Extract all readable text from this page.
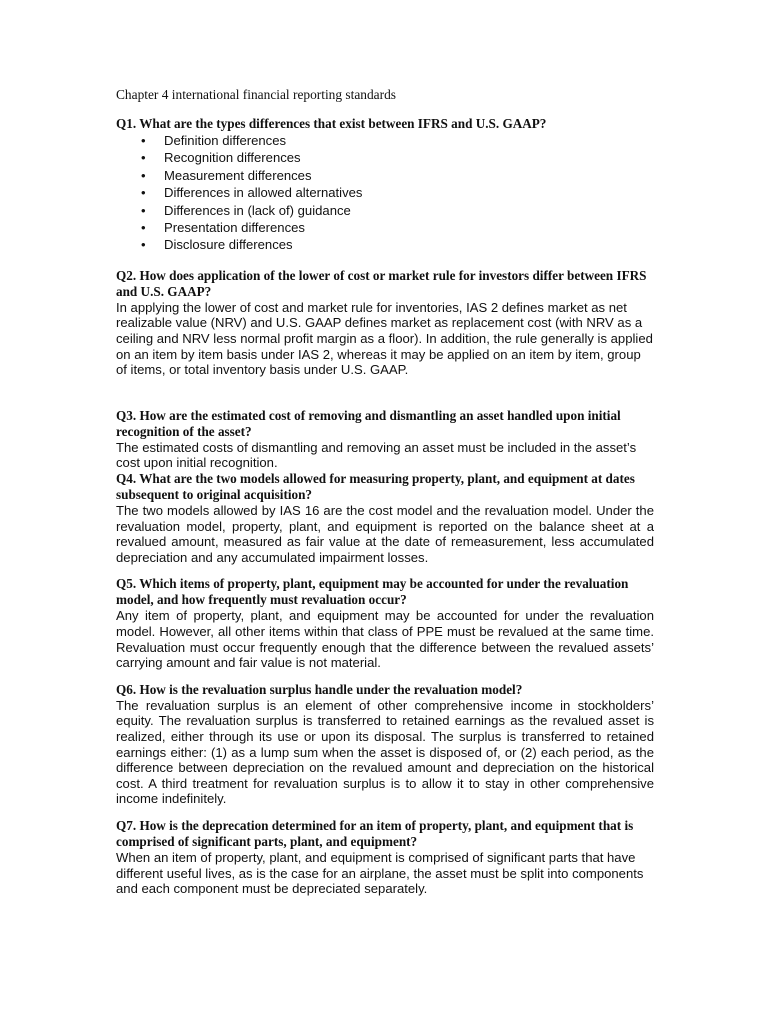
Chapter 4 international financial reporting standards

Q1. What are the types differences that exist between IFRS and U.S. GAAP?

• Definition differences
• Recognition differences
• Measurement differences
• Differences in allowed alternatives
• Differences in (lack of) guidance
• Presentation differences
• Disclosure differences

Q2. How does application of the lower of cost or market rule for investors differ between IFRS and U.S. GAAP?

In applying the lower of cost and market rule for inventories, IAS 2 defines market as net realizable value (NRV) and U.S. GAAP defines market as replacement cost (with NRV as a ceiling and NRV less normal profit margin as a floor). In addition, the rule generally is applied on an item by item basis under IAS 2, whereas it may be applied on an item by item, group of items, or total inventory basis under U.S. GAAP.

Q3. How are the estimated cost of removing and dismantling an asset handled upon initial recognition of the asset?

The estimated costs of dismantling and removing an asset must be included in the asset’s cost upon initial recognition.

Q4. What are the two models allowed for measuring property, plant, and equipment at dates subsequent to original acquisition?

The two models allowed by IAS 16 are the cost model and the revaluation model. Under the revaluation model, property, plant, and equipment is reported on the balance sheet at a revalued amount, measured as fair value at the date of remeasurement, less accumulated depreciation and any accumulated impairment losses.

Q5. Which items of property, plant, equipment may be accounted for under the revaluation model, and how frequently must revaluation occur?

Any item of property, plant, and equipment may be accounted for under the revaluation model. However, all other items within that class of PPE must be revalued at the same time. Revaluation must occur frequently enough that the difference between the revalued assets’ carrying amount and fair value is not material.

Q6. How is the revaluation surplus handle under the revaluation model?

The revaluation surplus is an element of other comprehensive income in stockholders’ equity. The revaluation surplus is transferred to retained earnings as the revalued asset is realized, either through its use or upon its disposal. The surplus is transferred to retained earnings either: (1) as a lump sum when the asset is disposed of, or (2) each period, as the difference between depreciation on the revalued amount and depreciation on the historical cost. A third treatment for revaluation surplus is to allow it to stay in other comprehensive income indefinitely.

Q7. How is the deprecation determined for an item of property, plant, and equipment that is comprised of significant parts, plant, and equipment?

When an item of property, plant, and equipment is comprised of significant parts that have different useful lives, as is the case for an airplane, the asset must be split into components and each component must be depreciated separately.
